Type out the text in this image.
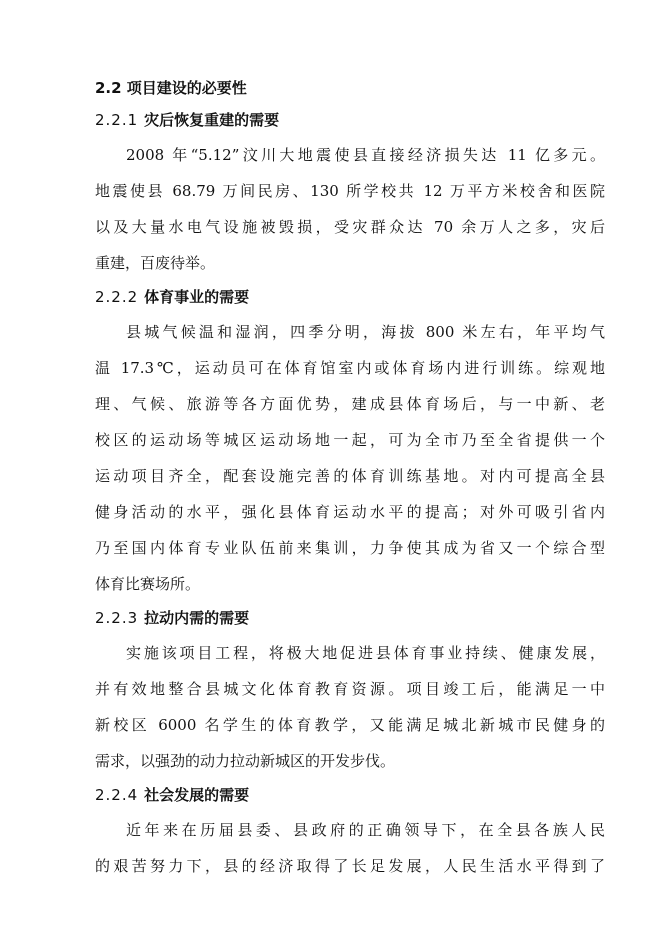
2.2 项目建设的必要性
2.2.1 灾后恢复重建的需要
2008 年“5.12”汶川大地震使县直接经济损失达 11 亿多元。
地震使县 68.79 万间民房、130 所学校共 12 万平方米校舍和医院
以及大量水电气设施被毁损，受灾群众达 70 余万人之多，灾后
重建，百废待举。
2.2.2 体育事业的需要
县城气候温和湿润，四季分明，海拔 800 米左右，年平均气
温 17.3℃，运动员可在体育馆室内或体育场内进行训练。综观地
理、气候、旅游等各方面优势，建成县体育场后，与一中新、老
校区的运动场等城区运动场地一起，可为全市乃至全省提供一个
运动项目齐全，配套设施完善的体育训练基地。对内可提高全县
健身活动的水平，强化县体育运动水平的提高；对外可吸引省内
乃至国内体育专业队伍前来集训，力争使其成为省又一个综合型
体育比赛场所。
2.2.3 拉动内需的需要
实施该项目工程，将极大地促进县体育事业持续、健康发展，
并有效地整合县城文化体育教育资源。项目竣工后，能满足一中
新校区 6000 名学生的体育教学，又能满足城北新城市民健身的
需求，以强劲的动力拉动新城区的开发步伐。
2.2.4 社会发展的需要
近年来在历届县委、县政府的正确领导下，在全县各族人民
的艰苦努力下，县的经济取得了长足发展，人民生活水平得到了
